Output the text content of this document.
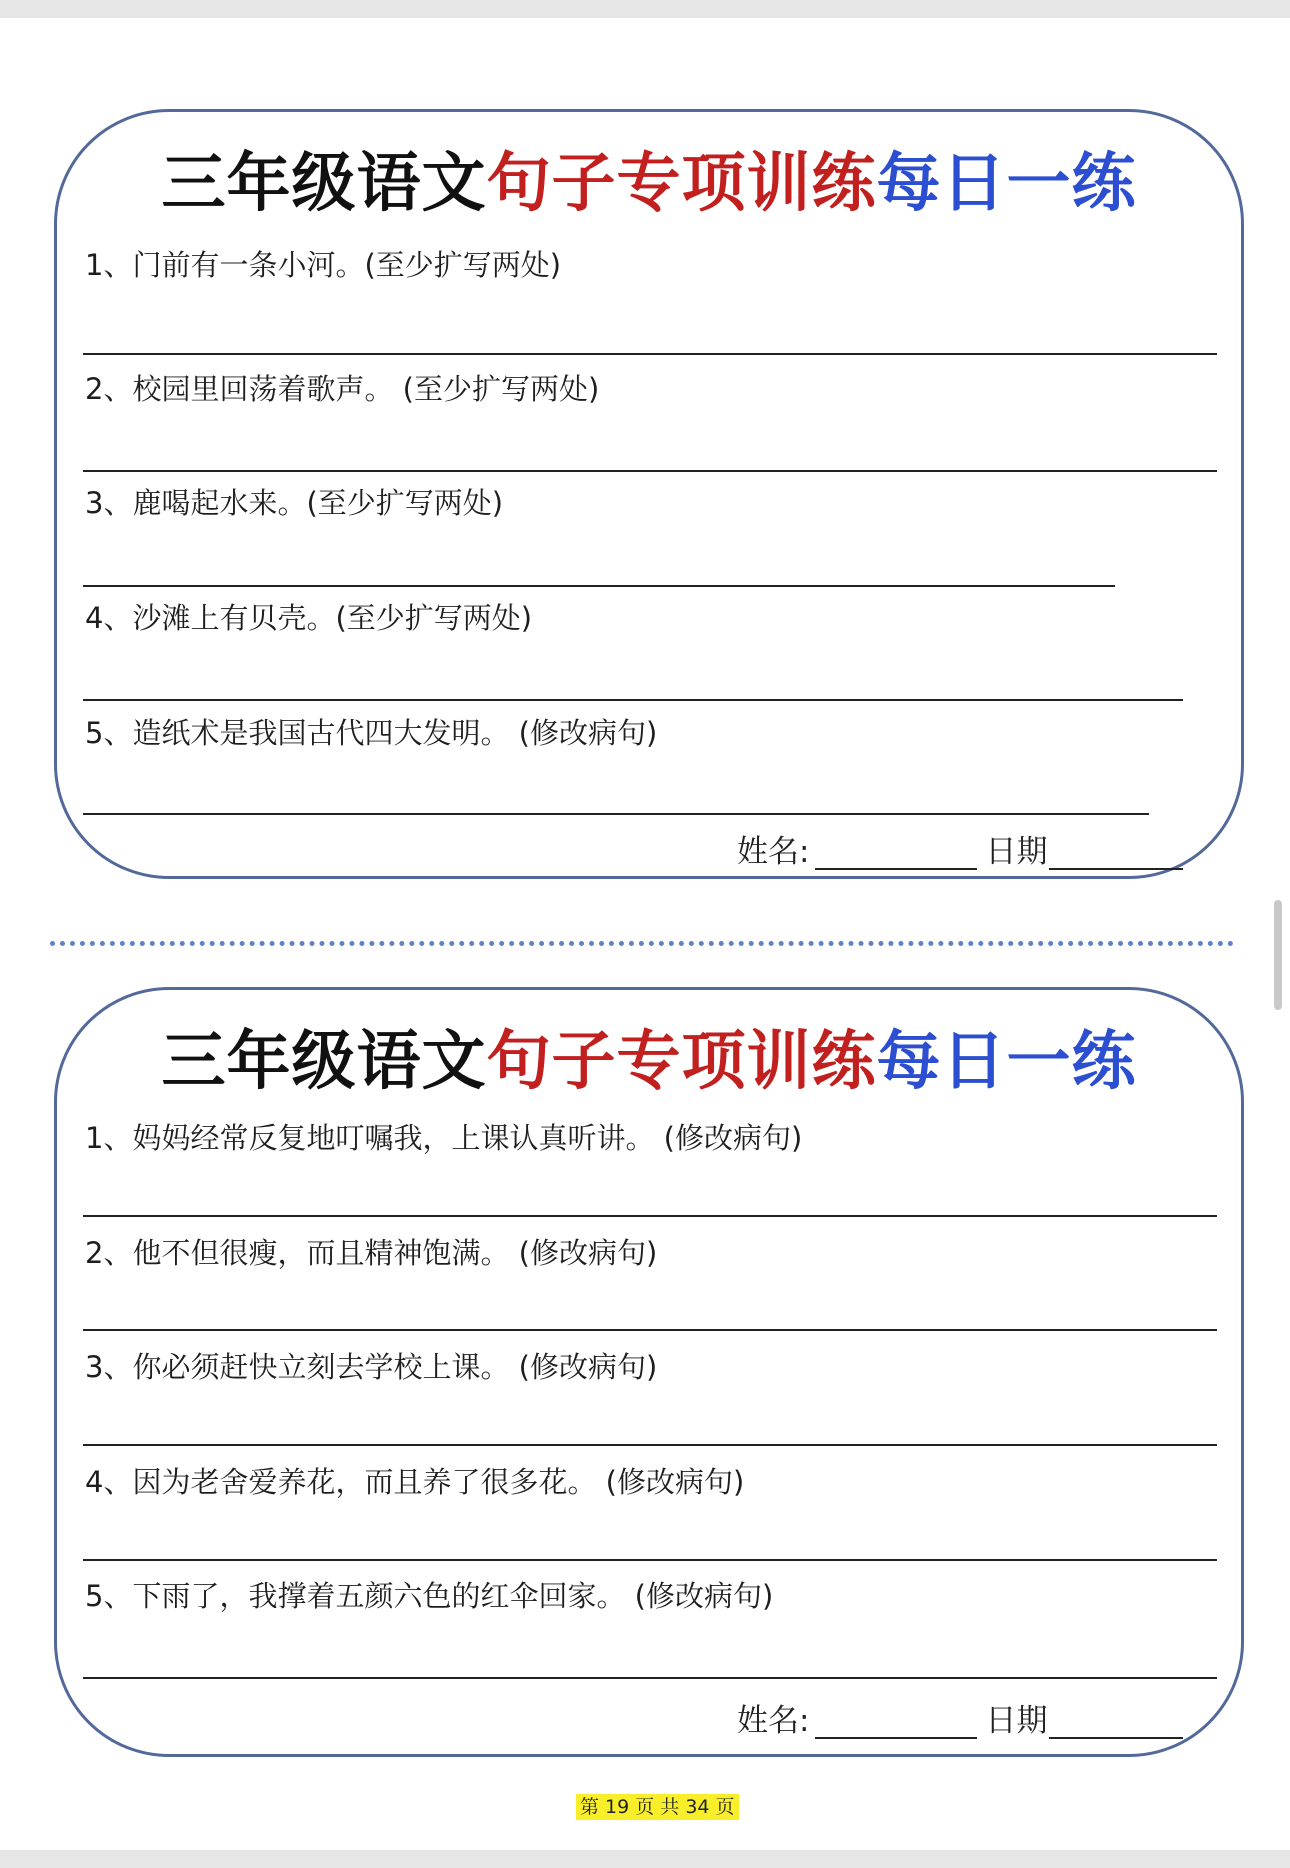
三年级语文句子专项训练每日一练
1、门前有一条小河。(至少扩写两处)
2、校园里回荡着歌声。 (至少扩写两处)
3、鹿喝起水来。(至少扩写两处)
4、沙滩上有贝壳。(至少扩写两处)
5、造纸术是我国古代四大发明。 (修改病句)
姓名:	日期
三年级语文句子专项训练每日一练
1、妈妈经常反复地叮嘱我，上课认真听讲。 (修改病句)
2、他不但很瘦，而且精神饱满。 (修改病句)
3、你必须赶快立刻去学校上课。 (修改病句)
4、因为老舍爱养花，而且养了很多花。 (修改病句)
5、下雨了，我撑着五颜六色的红伞回家。 (修改病句)
姓名:	日期
第 19 页 共 34 页
